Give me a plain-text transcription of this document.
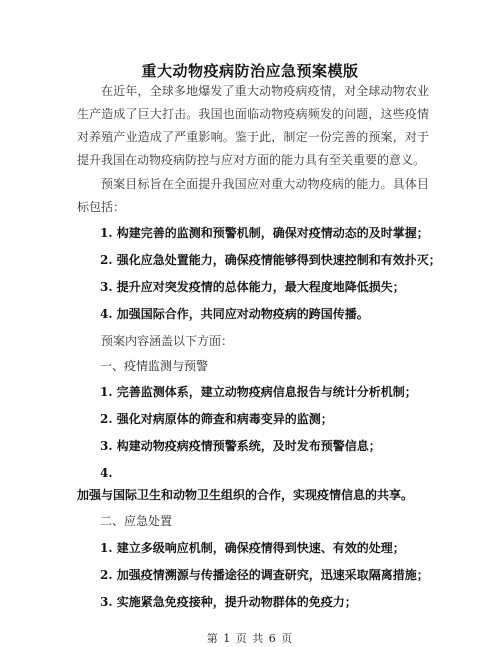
重大动物疫病防治应急预案模版
在近年，全球多地爆发了重大动物疫病疫情，对全球动物农业生产造成了巨大打击。我国也面临动物疫病频发的问题，这些疫情对养殖产业造成了严重影响。鉴于此，制定一份完善的预案，对于提升我国在动物疫病防控与应对方面的能力具有至关重要的意义。
预案目标旨在全面提升我国应对重大动物疫病的能力。具体目标包括：
1. 构建完善的监测和预警机制，确保对疫情动态的及时掌握；
2. 强化应急处置能力，确保疫情能够得到快速控制和有效扑灭；
3. 提升应对突发疫情的总体能力，最大程度地降低损失；
4. 加强国际合作，共同应对动物疫病的跨国传播。
预案内容涵盖以下方面：
一、疫情监测与预警
1. 完善监测体系，建立动物疫病信息报告与统计分析机制；
2. 强化对病原体的筛查和病毒变异的监测；
3. 构建动物疫病疫情预警系统，及时发布预警信息；
4.
加强与国际卫生和动物卫生组织的合作，实现疫情信息的共享。
二、应急处置
1. 建立多级响应机制，确保疫情得到快速、有效的处理；
2. 加强疫情溯源与传播途径的调查研究，迅速采取隔离措施；
3. 实施紧急免疫接种，提升动物群体的免疫力；
第 1 页 共 6 页
